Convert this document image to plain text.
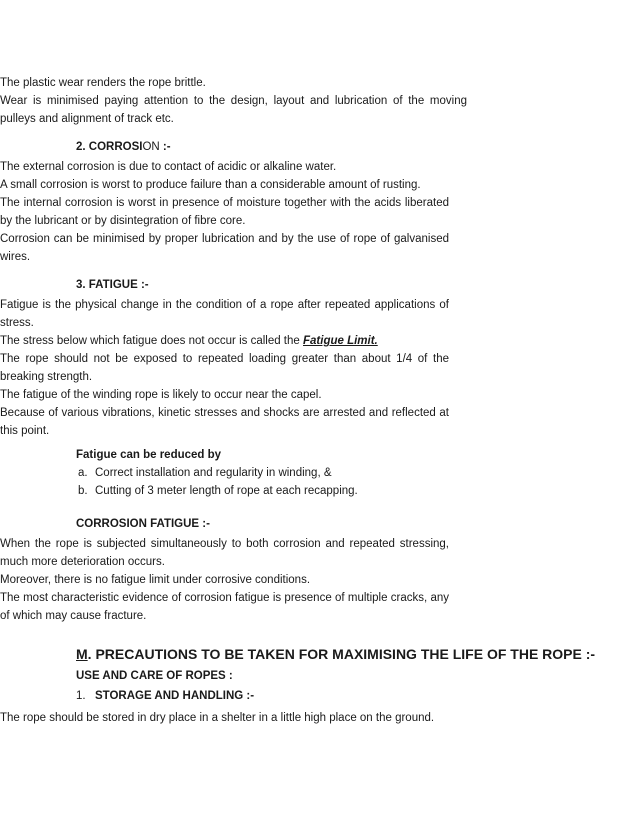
• The plastic wear renders the rope brittle.
• Wear is minimised paying attention to the design, layout and lubrication of the moving pulleys and alignment of track etc.
2. CORROSION :-
• The external corrosion is due to contact of acidic or alkaline water.
• A small corrosion is worst to produce failure than a considerable amount of rusting.
• The internal corrosion is worst in presence of moisture together with the acids liberated by the lubricant or by disintegration of fibre core.
• Corrosion can be minimised by proper lubrication and by the use of rope of galvanised wires.
3. FATIGUE :-
• Fatigue is the physical change in the condition of a rope after repeated applications of stress.
• The stress below which fatigue does not occur is called the Fatigue Limit.
• The rope should not be exposed to repeated loading greater than about 1/4 of the breaking strength.
• The fatigue of the winding rope is likely to occur near the capel.
• Because of various vibrations, kinetic stresses and shocks are arrested and reflected at this point.
Fatigue can be reduced by
a. Correct installation and regularity in winding, &
b. Cutting of 3 meter length of rope at each recapping.
CORROSION FATIGUE :-
• When the rope is subjected simultaneously to both corrosion and repeated stressing, much more deterioration occurs.
• Moreover, there is no fatigue limit under corrosive conditions.
• The most characteristic evidence of corrosion fatigue is presence of multiple cracks, any of which may cause fracture.
M. PRECAUTIONS TO BE TAKEN FOR MAXIMISING THE LIFE OF THE ROPE :-
USE AND CARE OF ROPES :
1. STORAGE AND HANDLING :-
• The rope should be stored in dry place in a shelter in a little high place on the ground.
